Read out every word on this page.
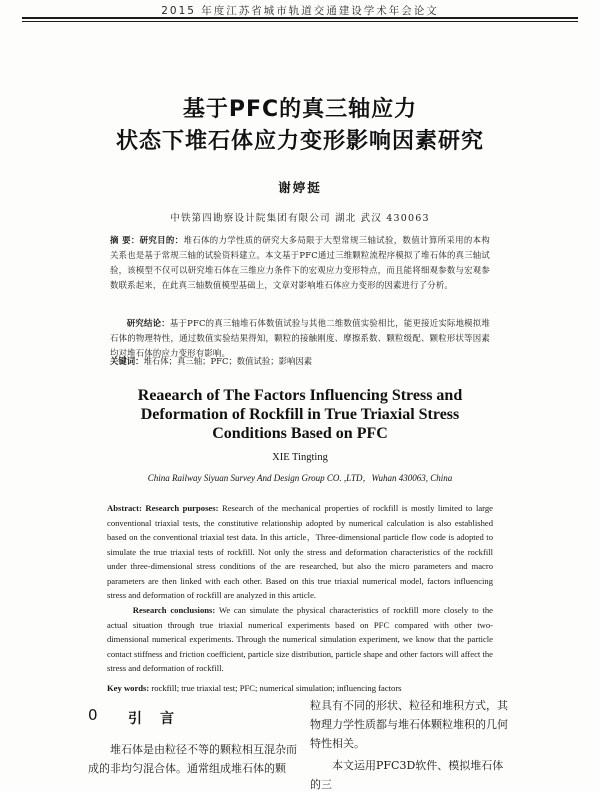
2015 年度江苏省城市轨道交通建设学术年会论文
基于PFC的真三轴应力
状态下堆石体应力变形影响因素研究
谢婷挺
中铁第四勘察设计院集团有限公司 湖北 武汉 430063
摘 要：研究目的：堆石体的力学性质的研究大多局限于大型常规三轴试验，数值计算所采用的本构关系也是基于常规三轴的试验资料建立。本文基于PFC通过三维颗粒流程序模拟了堆石体的真三轴试验，该模型不仅可以研究堆石体在三维应力条件下的宏观应力变形特点，而且能将细观参数与宏观参数联系起来，在此真三轴数值模型基础上，文章对影响堆石体应力变形的因素进行了分析。
研究结论：基于PFC的真三轴堆石体数值试验与其他二维数值实验相比，能更接近实际地模拟堆石体的物理特性，通过数值实验结果得知，颗粒的接触刚度、摩擦系数、颗粒级配、颗粒形状等因素均对堆石体的应力变形有影响。
关键词：堆石体；真三轴；PFC；数值试验；影响因素
Reaearch of The Factors Influencing Stress and
Deformation of Rockfill in True Triaxial Stress
Conditions Based on PFC
XIE Tingting
China Railway Siyuan Survey And Design Group CO. ,LTD，Wuhan 430063, China
Abstract: Research purposes: Research of the mechanical properties of rockfill is mostly limited to large conventional triaxial tests, the constitutive relationship adopted by numerical calculation is also established based on the conventional triaxial test data. In this article，Three-dimensional particle flow code is adopted to simulate the true triaxial tests of rockfill. Not only the stress and deformation characteristics of the rockfill under three-dimensional stress conditions of the are researched, but also the micro parameters and macro parameters are then linked with each other. Based on this true triaxial numerical model, factors influencing stress and deformation of rockfill are analyzed in this article.
Research conclusions: We can simulate the physical characteristics of rockfill more closely to the actual situation through true triaxial numerical experiments based on PFC compared with other two-dimensional numerical experiments. Through the numerical simulation experiment, we know that the particle contact stiffness and friction coefficient, particle size distribution, particle shape and other factors will affect the stress and deformation of rockfill.
Key words: rockfill; true triaxial test; PFC; numerical simulation; influencing factors
0 引言

堆石体是由粒径不等的颗粒相互混杂而成的非均匀混合体。通常组成堆石体的颗

粒具有不同的形状、粒径和堆积方式，其物理力学性质都与堆石体颗粒堆积的几何特性相关。

本文运用PFC3D软件、模拟堆石体的三
